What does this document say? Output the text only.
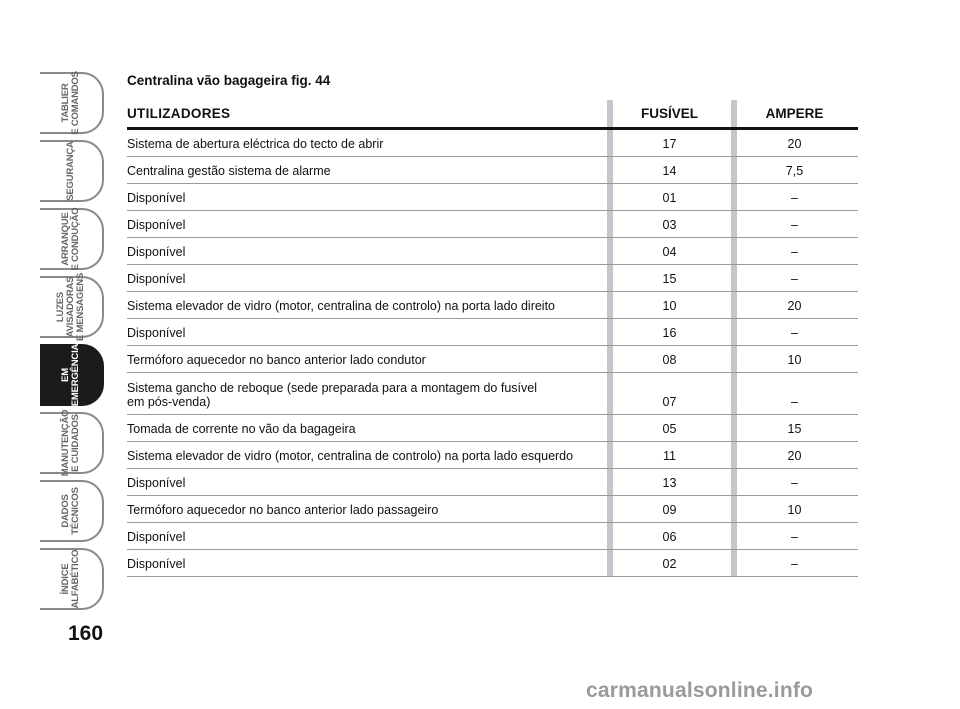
TABLIER
E COMANDOS
SEGURANÇA
ARRANQUE
E CONDUÇÃO
LUZES
AVISADORAS
E MENSAGENS
EM
EMERGÊNCIA
MANUTENÇÃO
E CUIDADOS
DADOS
TÉCNICOS
ÍNDICE
ALFABÉTICO
160
Centralina vão bagageira fig. 44
UTILIZADORES	FUSÍVEL	AMPERE
Sistema de abertura eléctrica do tecto de abrir	17	20
Centralina gestão sistema de alarme	14	7,5
Disponível	01	–
Disponível	03	–
Disponível	04	–
Disponível	15	–
Sistema elevador de vidro (motor, centralina de controlo) na porta lado direito	10	20
Disponível	16	–
Termóforo aquecedor no banco anterior lado condutor	08	10
Sistema gancho de reboque (sede preparada para a montagem do fusível
em pós-venda)	07	–
Tomada de corrente no vão da bagageira	05	15
Sistema elevador de vidro (motor, centralina de controlo) na porta lado esquerdo	11	20
Disponível	13	–
Termóforo aquecedor no banco anterior lado passageiro	09	10
Disponível	06	–
Disponível	02	–
carmanualsonline.info
